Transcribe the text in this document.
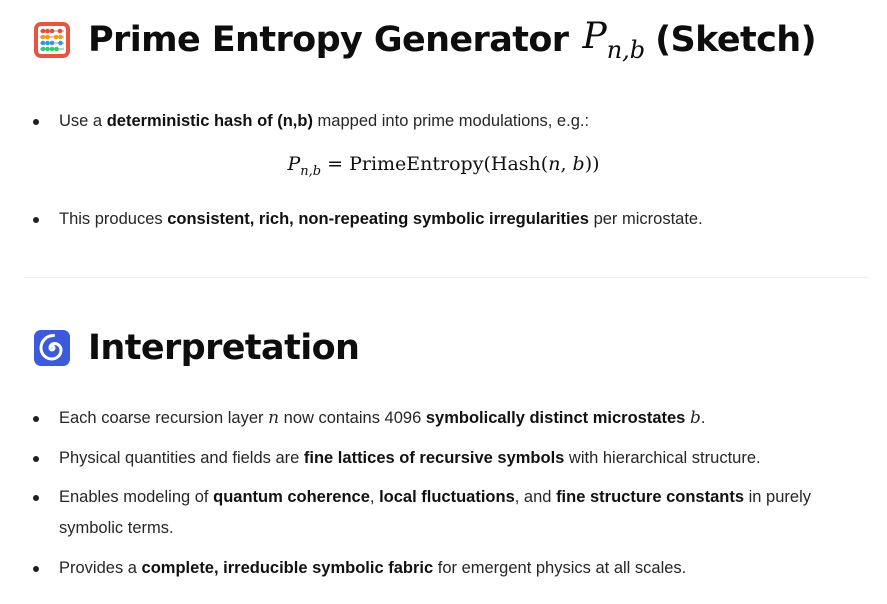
Prime Entropy Generator $P_{n,b}$ (Sketch)
Use a deterministic hash of (n,b) mapped into prime modulations, e.g.:
This produces consistent, rich, non-repeating symbolic irregularities per microstate.
$P_{n,b}$ = PrimeEntropy(Hash(n, b))
Interpretation
Each coarse recursion layer n now contains 4096 symbolically distinct microstates b.
Physical quantities and fields are fine lattices of recursive symbols with hierarchical structure.
Enables modeling of quantum coherence, local fluctuations, and fine structure constants in purely symbolic terms.
Provides a complete, irreducible symbolic fabric for emergent physics at all scales.
